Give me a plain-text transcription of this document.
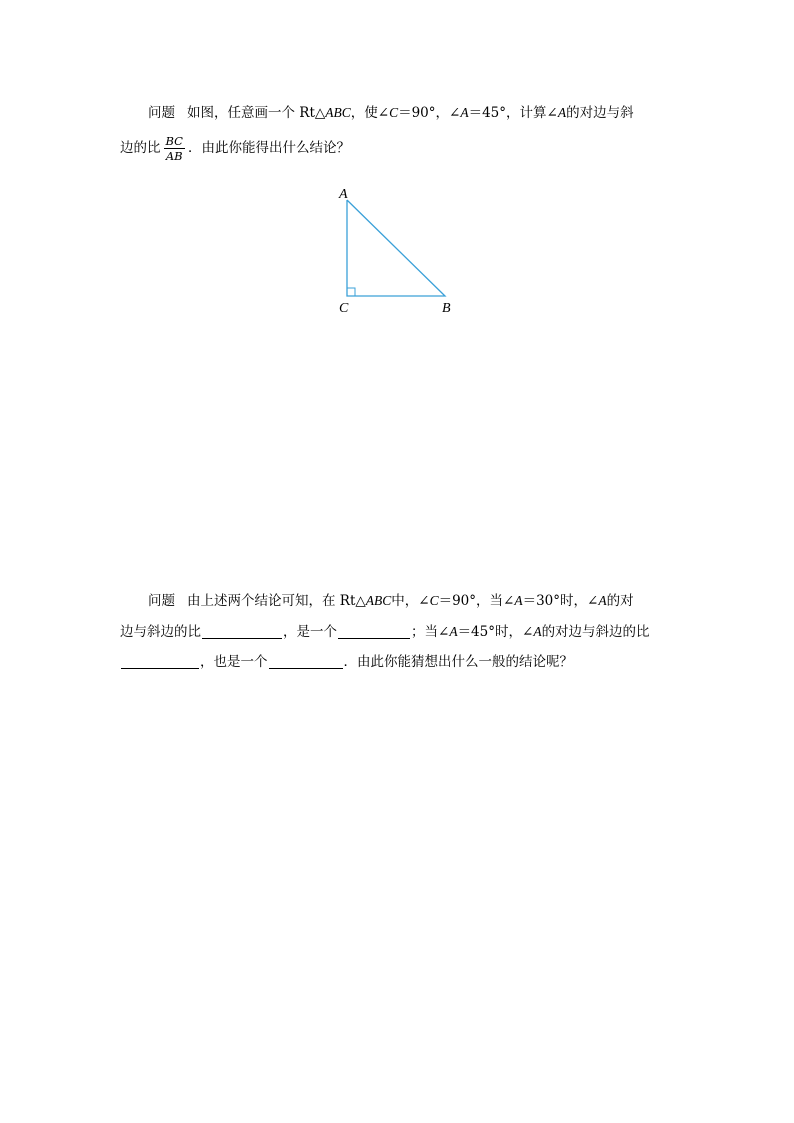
问题 如图，任意画一个 Rt△ABC，使∠C＝90°，∠A＝45°，计算∠A的对边与斜
边的比 $\frac{BC}{AB}$ ．由此你能得出什么结论？
A
C	B
问题 由上述两个结论可知，在 Rt△ABC中，∠C＝90°，当∠A＝30°时，∠A的对
边与斜边的比	，是一个	；当∠A＝45°时，∠A的对边与斜边的比
，也是一个	．由此你能猜想出什么一般的结论呢？
